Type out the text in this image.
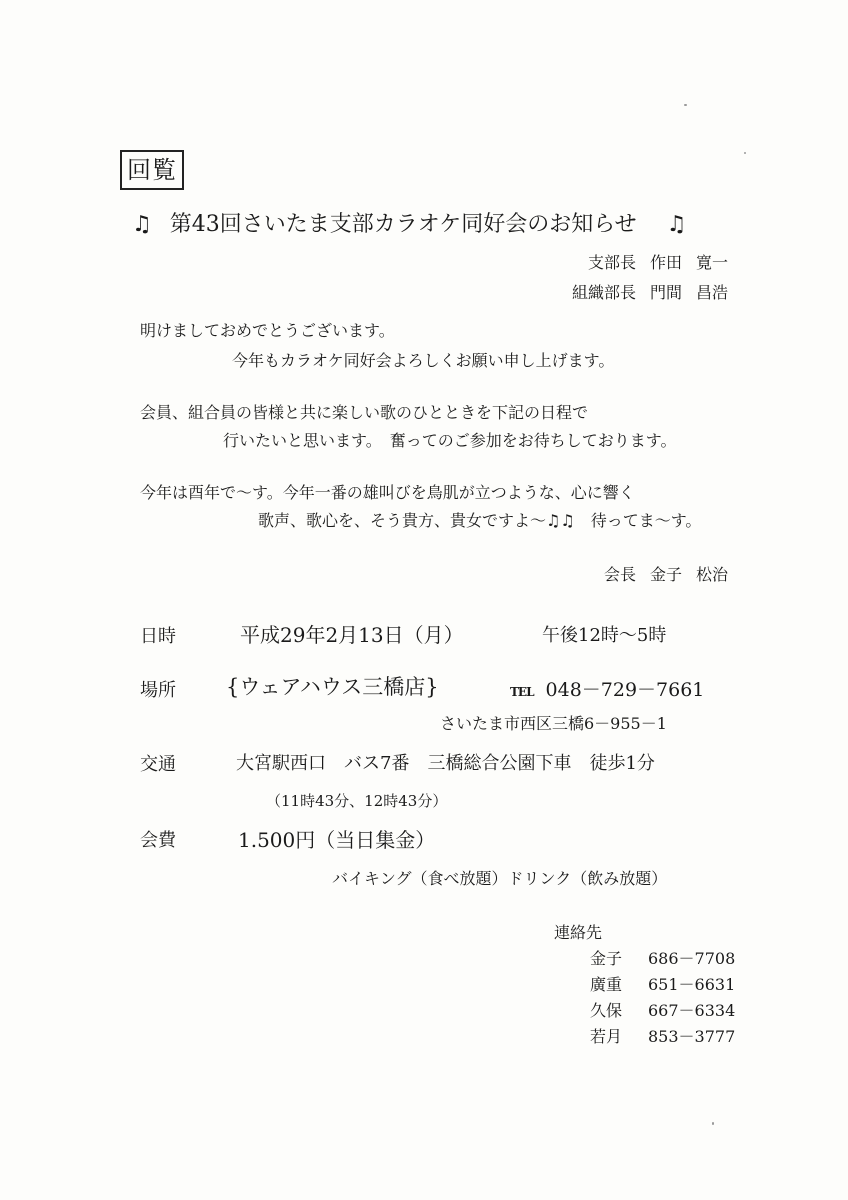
回覧
♫ 第43回さいたま支部カラオケ同好会のお知らせ ♫
支部長 作田 寛一
組織部長 門間 昌浩
明けましておめでとうございます。
今年もカラオケ同好会よろしくお願い申し上げます。
会員、組合員の皆様と共に楽しい歌のひとときを下記の日程で
行いたいと思います。　奮ってのご参加をお待ちしております。
今年は酉年で～す。今年一番の雄叫びを鳥肌が立つような、心に響く
歌声、歌心を、そう貴方、貴女ですよ～♫♫　待ってま～す。
会長 金子 松治
日時	平成29年2月13日（月）	午後12時～5時
場所 {ウェアハウス三橋店}	TEL 048－729－7661
さいたま市西区三橋6－955－1
交通	大宮駅西口　バス7番　三橋総合公園下車　徒歩1分
（11時43分、12時43分）
会費	1.500円（当日集金）
バイキング（食べ放題）ドリンク（飲み放題）
連絡先
金子 686－7708
廣重 651－6631
久保 667－6334
若月 853－3777
